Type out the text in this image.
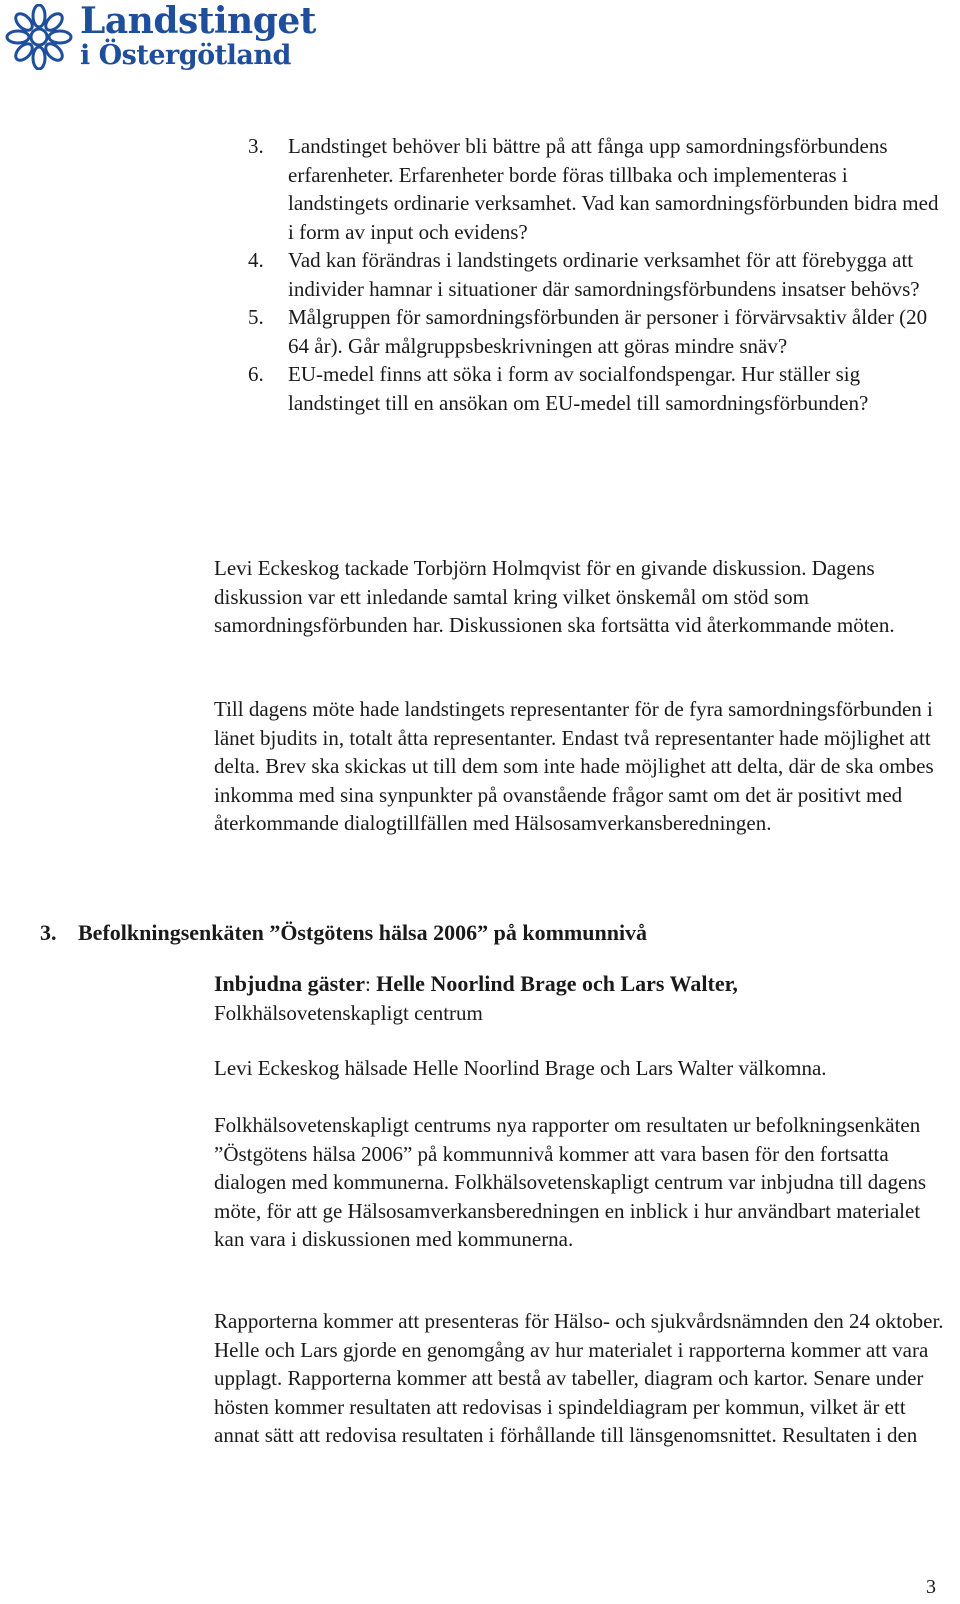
Landstinget
i Östergötland
3. Landstinget behöver bli bättre på att fånga upp samordningsförbundens erfarenheter. Erfarenheter borde föras tillbaka och implementeras i landstingets ordinarie verksamhet. Vad kan samordningsförbunden bidra med i form av input och evidens?
4. Vad kan förändras i landstingets ordinarie verksamhet för att förebygga att individer hamnar i situationer där samordningsförbundens insatser behövs?
5. Målgruppen för samordningsförbunden är personer i förvärvsaktiv ålder (20 64 år). Går målgruppsbeskrivningen att göras mindre snäv?
6. EU-medel finns att söka i form av socialfondspengar. Hur ställer sig landstinget till en ansökan om EU-medel till samordningsförbunden?

Levi Eckeskog tackade Torbjörn Holmqvist för en givande diskussion. Dagens diskussion var ett inledande samtal kring vilket önskemål om stöd som samordningsförbunden har. Diskussionen ska fortsätta vid återkommande möten.

Till dagens möte hade landstingets representanter för de fyra samordningsförbunden i länet bjudits in, totalt åtta representanter. Endast två representanter hade möjlighet att delta. Brev ska skickas ut till dem som inte hade möjlighet att delta, där de ska ombes inkomma med sina synpunkter på ovanstående frågor samt om det är positivt med återkommande dialogtillfällen med Hälsosamverkansberedningen.

3. Befolkningsenkäten ”Östgötens hälsa 2006” på kommunnivå

Inbjudna gäster: Helle Noorlind Brage och Lars Walter,
Folkhälsovetenskapligt centrum

Levi Eckeskog hälsade Helle Noorlind Brage och Lars Walter välkomna.

Folkhälsovetenskapligt centrums nya rapporter om resultaten ur befolkningsenkäten ”Östgötens hälsa 2006” på kommunnivå kommer att vara basen för den fortsatta dialogen med kommunerna. Folkhälsovetenskapligt centrum var inbjudna till dagens möte, för att ge Hälsosamverkansberedningen en inblick i hur användbart materialet kan vara i diskussionen med kommunerna.

Rapporterna kommer att presenteras för Hälso- och sjukvårdsnämnden den 24 oktober. Helle och Lars gjorde en genomgång av hur materialet i rapporterna kommer att vara upplagt. Rapporterna kommer att bestå av tabeller, diagram och kartor. Senare under hösten kommer resultaten att redovisas i spindeldiagram per kommun, vilket är ett annat sätt att redovisa resultaten i förhållande till länsgenomsnittet. Resultaten i den

3
